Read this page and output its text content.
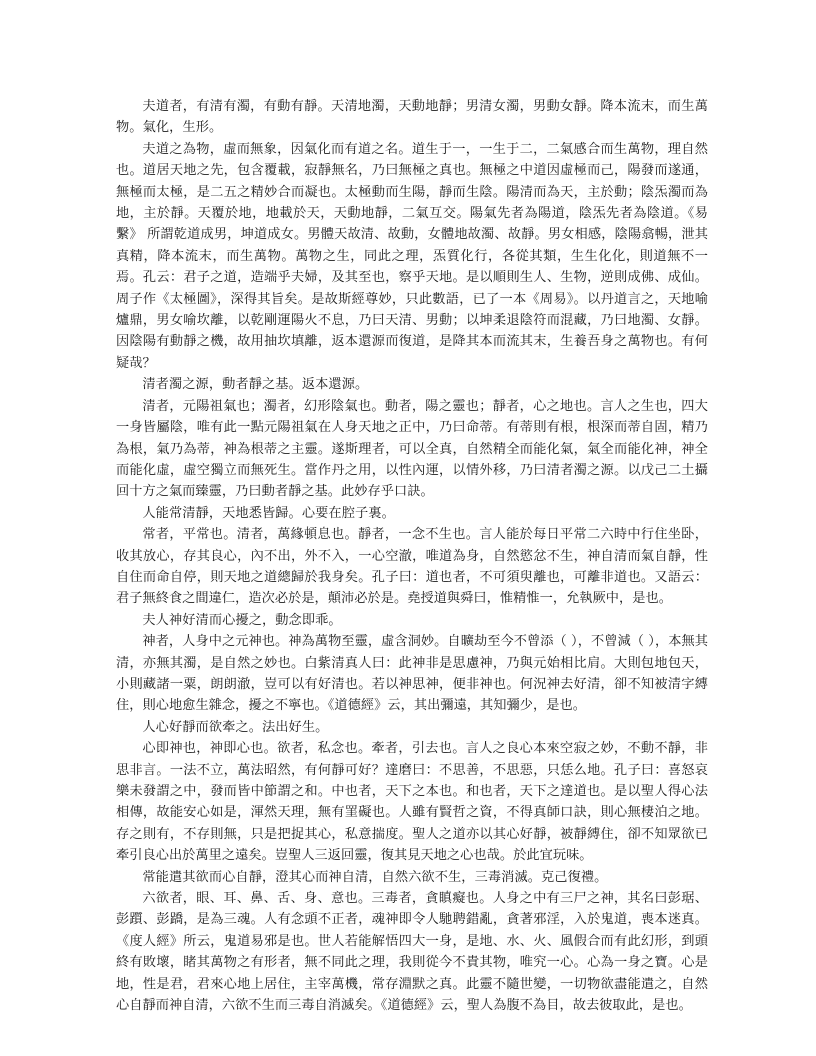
夫道者，有清有濁，有動有靜。天清地濁，天動地靜；男清女濁，男動女靜。降本流末，而生萬物。氣化，生形。

夫道之為物，虛而無象，因氣化而有道之名。道生于一，一生于二，二氣感合而生萬物，理自然也。道居天地之先，包含覆載，寂靜無名，乃曰無極之真也。無極之中道因虛極而己，陽發而遂通，無極而太極，是二五之精妙合而凝也。太極動而生陽，靜而生陰。陽清而為天，主於動；陰炁濁而為地，主於靜。天覆於地，地載於天，天動地靜，二氣互交。陽氣先者為陽道，陰炁先者為陰道。《易繫》 所謂乾道成男，坤道成女。男體天故清、故動，女體地故濁、故靜。男女相感，陰陽翕暢，泄其真精，降本流末，而生萬物。萬物之生，同此之理，炁質化行，各從其類，生生化化，則道無不一焉。孔云：君子之道，造端乎夫婦，及其至也，察乎天地。是以順則生人、生物，逆則成佛、成仙。周子作《太極圖》，深得其旨矣。是故斯經尊妙，只此數語，已了一本《周易》。以丹道言之，天地喻爐鼎，男女喻坎離，以乾剛運陽火不息，乃曰天清、男動；以坤柔退陰符而混藏，乃曰地濁、女靜。因陰陽有動靜之機，故用抽坎填離，返本還源而復道，是降其本而流其末，生養吾身之萬物也。有何疑哉？

清者濁之源，動者靜之基。返本還源。

清者，元陽祖氣也；濁者，幻形陰氣也。動者，陽之靈也；靜者，心之地也。言人之生也，四大一身皆屬陰，唯有此一點元陽祖氣在人身天地之正中，乃曰命蒂。有蒂則有根，根深而蒂自固，精乃為根，氣乃為蒂，神為根蒂之主靈。遂斯理者，可以全真，自然精全而能化氣，氣全而能化神，神全而能化虛，虛空獨立而無死生。當作丹之用，以性內運，以情外移，乃曰清者濁之源。以戊己二土攝回十方之氣而臻靈，乃曰動者靜之基。此妙存乎口訣。

人能常清靜，天地悉皆歸。心要在腔子裏。

常者，平常也。清者，萬緣頓息也。靜者，一念不生也。言人能於每日平常二六時中行住坐卧，收其放心，存其良心，內不出，外不入，一心空澈，唯道為身，自然慾忿不生，神自清而氣自靜，性自住而命自停，則天地之道總歸於我身矣。孔子曰：道也者，不可須臾離也，可離非道也。又語云：君子無終食之間違仁，造次必於是，顛沛必於是。堯授道與舜曰，惟精惟一，允執厥中，是也。

夫人神好清而心擾之，動念即乖。

神者，人身中之元神也。神為萬物至靈，虛含洞妙。自曠劫至今不曾添（ ），不曾減（ ），本無其清，亦無其濁，是自然之妙也。白紫清真人曰：此神非是思慮神，乃與元始相比肩。大則包地包天，小則藏諸一粟，朗朗澈，豈可以有好清也。若以神思神，便非神也。何況神去好清，卻不知被清字縛住，則心地愈生雜念，擾之不寧也。《道德經》云，其出彌遠，其知彌少，是也。

人心好靜而欲牽之。法出好生。

心即神也，神即心也。欲者，私念也。牽者，引去也。言人之良心本來空寂之妙，不動不靜，非思非言。一法不立，萬法昭然，有何靜可好？達磨曰：不思善，不思惡，只恁么地。孔子曰：喜怒哀樂未發謂之中，發而皆中節謂之和。中也者，天下之本也。和也者，天下之達道也。是以聖人得心法相傳，故能安心如是，渾然天理，無有罣礙也。人雖有賢哲之資，不得真師口訣，則心無棲泊之地。存之則有，不存則無，只是把捉其心，私意揣度。聖人之道亦以其心好靜，被靜縛住，卻不知眾欲已牽引良心出於萬里之遠矣。豈聖人三返回靈，復其見天地之心也哉。於此宜玩味。

常能遣其欲而心自靜，澄其心而神自清，自然六欲不生，三毒消滅。克己復禮。

六欲者，眼、耳、鼻、舌、身、意也。三毒者，貪瞋癡也。人身之中有三尸之神，其名曰彭琚、彭躓、彭蹻，是為三魂。人有念頭不正者，魂神即令人馳聘錯亂，貪著邪淫，入於鬼道，喪本迷真。《度人經》所云，鬼道易邪是也。世人若能解悟四大一身，是地、水、火、風假合而有此幻形，到頭終有敗壞，睹其萬物之有形者，無不同此之理，我則從今不貴其物，唯究一心。心為一身之寶。心是地，性是君，君來心地上居住，主宰萬機，常存淵默之真。此靈不隨世變，一切物欲盡能遣之，自然心自靜而神自清，六欲不生而三毒自消滅矣。《道德經》云，聖人為腹不為目，故去彼取此，是也。
